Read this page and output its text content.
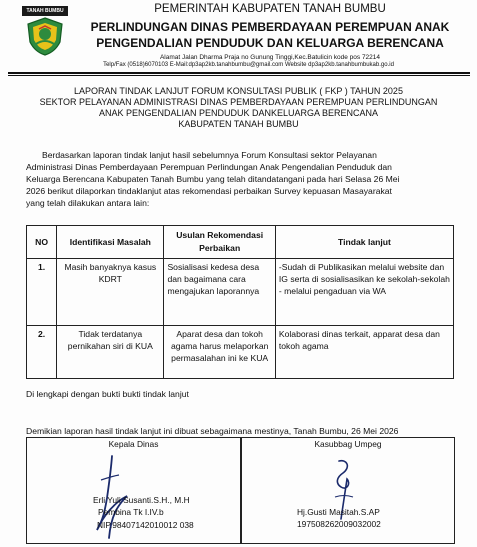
TANAH BUMBU	PEMERINTAH KABUPATEN TANAH BUMBU
PERLINDUNGAN DINAS PEMBERDAYAAN PEREMPUAN ANAK
PENGENDALIAN PENDUDUK DAN KELUARGA BERENCANA
Alamat Jalan Dharma Praja no Gunung Tinggi,Kec.Batulicin kode pos 72214
Telp/Fax (0518)6070103 E-Mail:dp3ap2kb.tanahbumbu@gmail.com Website dp3ap2kb.tanahbumbukab.go.id
LAPORAN TINDAK LANJUT FORUM KONSULTASI PUBLIK ( FKP ) TAHUN 2025
SEKTOR PELAYANAN ADMINISTRASI DINAS PEMBERDAYAAN PEREMPUAN PERLINDUNGAN
ANAK PENGENDALIAN PENDUDUK DANKELUARGA BERENCANA
KABUPATEN TANAH BUMBU
Berdasarkan laporan tindak lanjut hasil sebelumnya Forum Konsultasi sektor Pelayanan
Administrasi Dinas Pemberdayaan Perempuan Perlindungan Anak Pengendalian Penduduk dan
Keluarga Berencana Kabupaten Tanah Bumbu yang telah ditandatangani pada hari Selasa 26 Mei
2026 berikut dilaporkan tindaklanjut atas rekomendasi perbaikan Survey kepuasan Masayarakat
yang telah dilakukan antara lain:
NO	Identifikasi Masalah	Usulan Rekomendasi Perbaikan	Tindak lanjut
1.	Masih banyaknya kasus KDRT	Sosialisasi kedesa desa dan bagaimana cara mengajukan laporannya	-Sudah di Publikasikan melalui website dan IG serta di sosialisasikan ke sekolah-sekolah - melalui pengaduan via WA
2.	Tidak terdatanya pernikahan siri di KUA	Aparat desa dan tokoh agama harus melaporkan permasalahan ini ke KUA	Kolaborasi dinas terkait, apparat desa dan tokoh agama
Di lengkapi dengan bukti bukti tindak lanjut
Demikian laporan hasil tindak lanjut ini dibuat sebagaimana mestinya, Tanah Bumbu, 26 Mei 2026
Kepala Dinas
Erli Yuli Susanti.S.H., M.H
Pembina Tk I.IV.b
NIP.98407142010012 038
Kasubbag Umpeg
Hj.Gusti Masitah.S.AP
197508262009032002
